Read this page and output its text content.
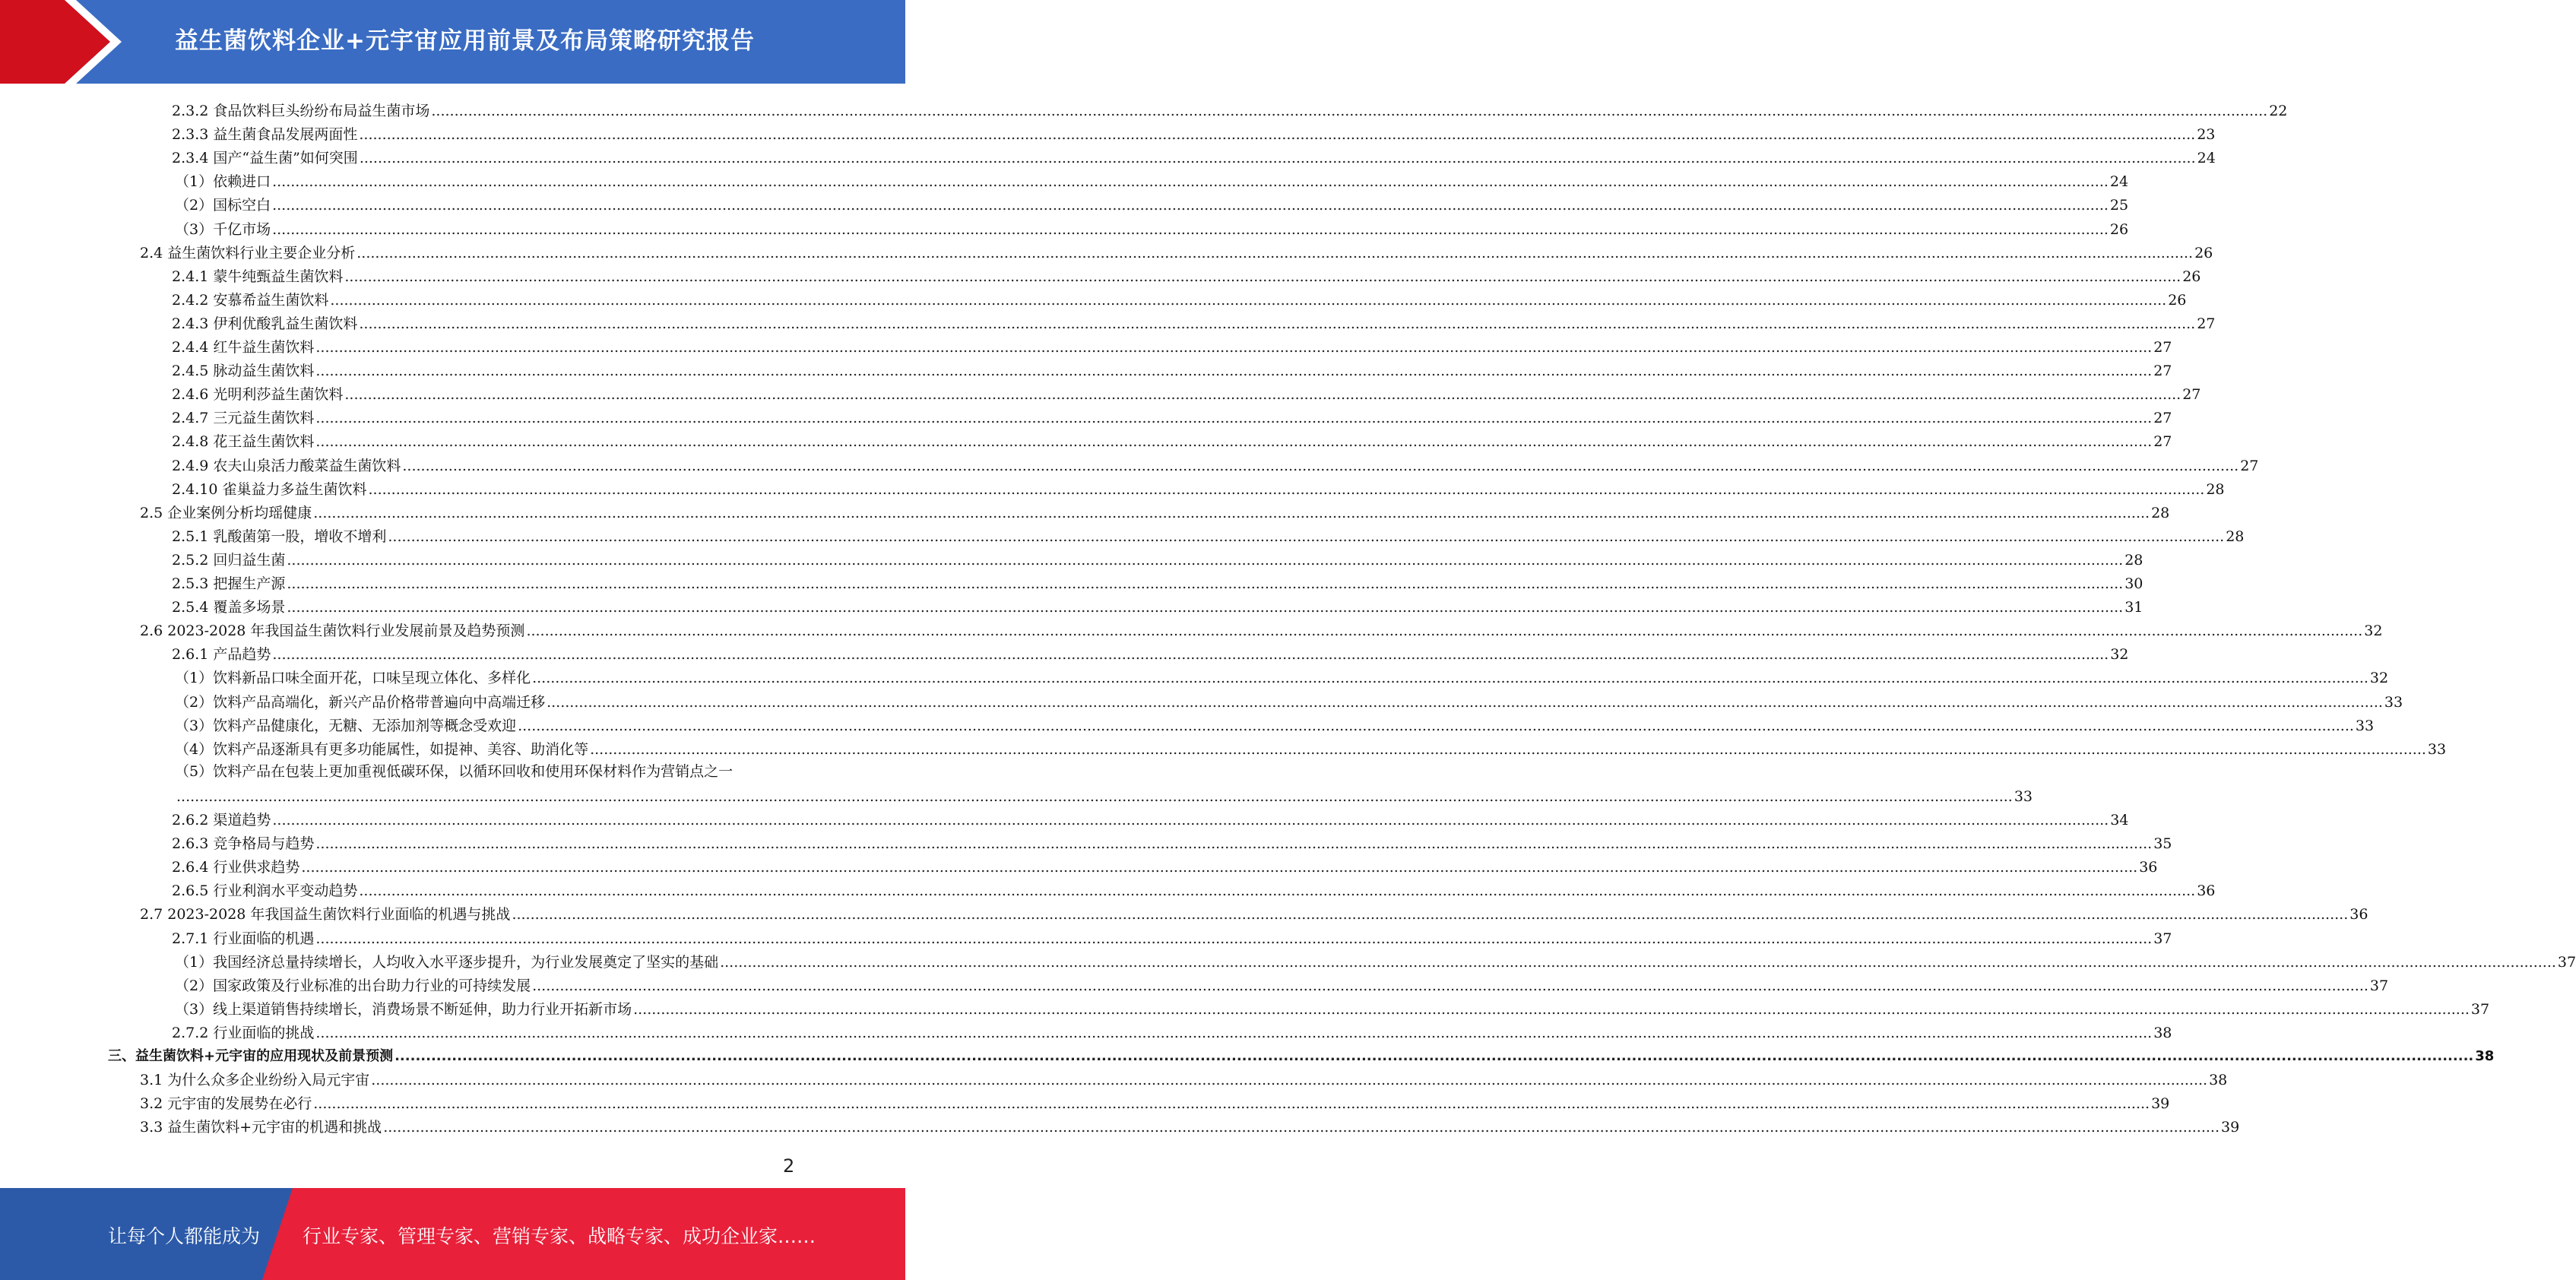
益生菌饮料企业+元宇宙应用前景及布局策略研究报告
2.3.2 食品饮料巨头纷纷布局益生菌市场 ................................................................................................................................................................................................................................................................................................................................................................................................................ 22
2.3.3 益生菌食品发展两面性 ................................................................................................................................................................................................................................................................................................................................................................................................................ 23
2.3.4 国产“益生菌”如何突围 ................................................................................................................................................................................................................................................................................................................................................................................................................ 24
（1）依赖进口 ................................................................................................................................................................................................................................................................................................................................................................................................................ 24
（2）国标空白 ................................................................................................................................................................................................................................................................................................................................................................................................................ 25
（3）千亿市场 ................................................................................................................................................................................................................................................................................................................................................................................................................ 26
2.4 益生菌饮料行业主要企业分析 ................................................................................................................................................................................................................................................................................................................................................................................................................ 26
2.4.1 蒙牛纯甄益生菌饮料 ................................................................................................................................................................................................................................................................................................................................................................................................................ 26
2.4.2 安慕希益生菌饮料 ................................................................................................................................................................................................................................................................................................................................................................................................................ 26
2.4.3 伊利优酸乳益生菌饮料 ................................................................................................................................................................................................................................................................................................................................................................................................................ 27
2.4.4 红牛益生菌饮料 ................................................................................................................................................................................................................................................................................................................................................................................................................ 27
2.4.5 脉动益生菌饮料 ................................................................................................................................................................................................................................................................................................................................................................................................................ 27
2.4.6 光明利莎益生菌饮料 ................................................................................................................................................................................................................................................................................................................................................................................................................ 27
2.4.7 三元益生菌饮料 ................................................................................................................................................................................................................................................................................................................................................................................................................ 27
2.4.8 花王益生菌饮料 ................................................................................................................................................................................................................................................................................................................................................................................................................ 27
2.4.9 农夫山泉活力酸菜益生菌饮料 ................................................................................................................................................................................................................................................................................................................................................................................................................ 27
2.4.10 雀巢益力多益生菌饮料 ................................................................................................................................................................................................................................................................................................................................................................................................................ 28
2.5 企业案例分析均瑶健康 ................................................................................................................................................................................................................................................................................................................................................................................................................ 28
2.5.1 乳酸菌第一股，增收不增利 ................................................................................................................................................................................................................................................................................................................................................................................................................ 28
2.5.2 回归益生菌 ................................................................................................................................................................................................................................................................................................................................................................................................................ 28
2.5.3 把握生产源 ................................................................................................................................................................................................................................................................................................................................................................................................................ 30
2.5.4 覆盖多场景 ................................................................................................................................................................................................................................................................................................................................................................................................................ 31
2.6 2023-2028 年我国益生菌饮料行业发展前景及趋势预测 ................................................................................................................................................................................................................................................................................................................................................................................................................ 32
2.6.1 产品趋势 ................................................................................................................................................................................................................................................................................................................................................................................................................ 32
（1）饮料新品口味全面开花，口味呈现立体化、多样化 ................................................................................................................................................................................................................................................................................................................................................................................................................ 32
（2）饮料产品高端化，新兴产品价格带普遍向中高端迁移 ................................................................................................................................................................................................................................................................................................................................................................................................................ 33
（3）饮料产品健康化，无糖、无添加剂等概念受欢迎 ................................................................................................................................................................................................................................................................................................................................................................................................................ 33
（4）饮料产品逐渐具有更多功能属性，如提神、美容、助消化等 ................................................................................................................................................................................................................................................................................................................................................................................................................ 33
（5）饮料产品在包装上更加重视低碳环保，以循环回收和使用环保材料作为营销点之一
................................................................................................................................................................................................................................................................................................................................................................................................................ 33
2.6.2 渠道趋势 ................................................................................................................................................................................................................................................................................................................................................................................................................ 34
2.6.3 竞争格局与趋势 ................................................................................................................................................................................................................................................................................................................................................................................................................ 35
2.6.4 行业供求趋势 ................................................................................................................................................................................................................................................................................................................................................................................................................ 36
2.6.5 行业利润水平变动趋势 ................................................................................................................................................................................................................................................................................................................................................................................................................ 36
2.7 2023-2028 年我国益生菌饮料行业面临的机遇与挑战 ................................................................................................................................................................................................................................................................................................................................................................................................................ 36
2.7.1 行业面临的机遇 ................................................................................................................................................................................................................................................................................................................................................................................................................ 37
（1）我国经济总量持续增长，人均收入水平逐步提升，为行业发展奠定了坚实的基础 ................................................................................................................................................................................................................................................................................................................................................................................................................ 37
（2）国家政策及行业标准的出台助力行业的可持续发展 ................................................................................................................................................................................................................................................................................................................................................................................................................ 37
（3）线上渠道销售持续增长，消费场景不断延伸，助力行业开拓新市场 ................................................................................................................................................................................................................................................................................................................................................................................................................ 37
2.7.2 行业面临的挑战 ................................................................................................................................................................................................................................................................................................................................................................................................................ 38
三、益生菌饮料+元宇宙的应用现状及前景预测 ................................................................................................................................................................................................................................................................................................................................................................................................................ 38
3.1 为什么众多企业纷纷入局元宇宙 ................................................................................................................................................................................................................................................................................................................................................................................................................ 38
3.2 元宇宙的发展势在必行 ................................................................................................................................................................................................................................................................................................................................................................................................................ 39
3.3 益生菌饮料+元宇宙的机遇和挑战 ................................................................................................................................................................................................................................................................................................................................................................................................................ 39
2
让每个人都能成为 行业专家、管理专家、营销专家、战略专家、成功企业家……
